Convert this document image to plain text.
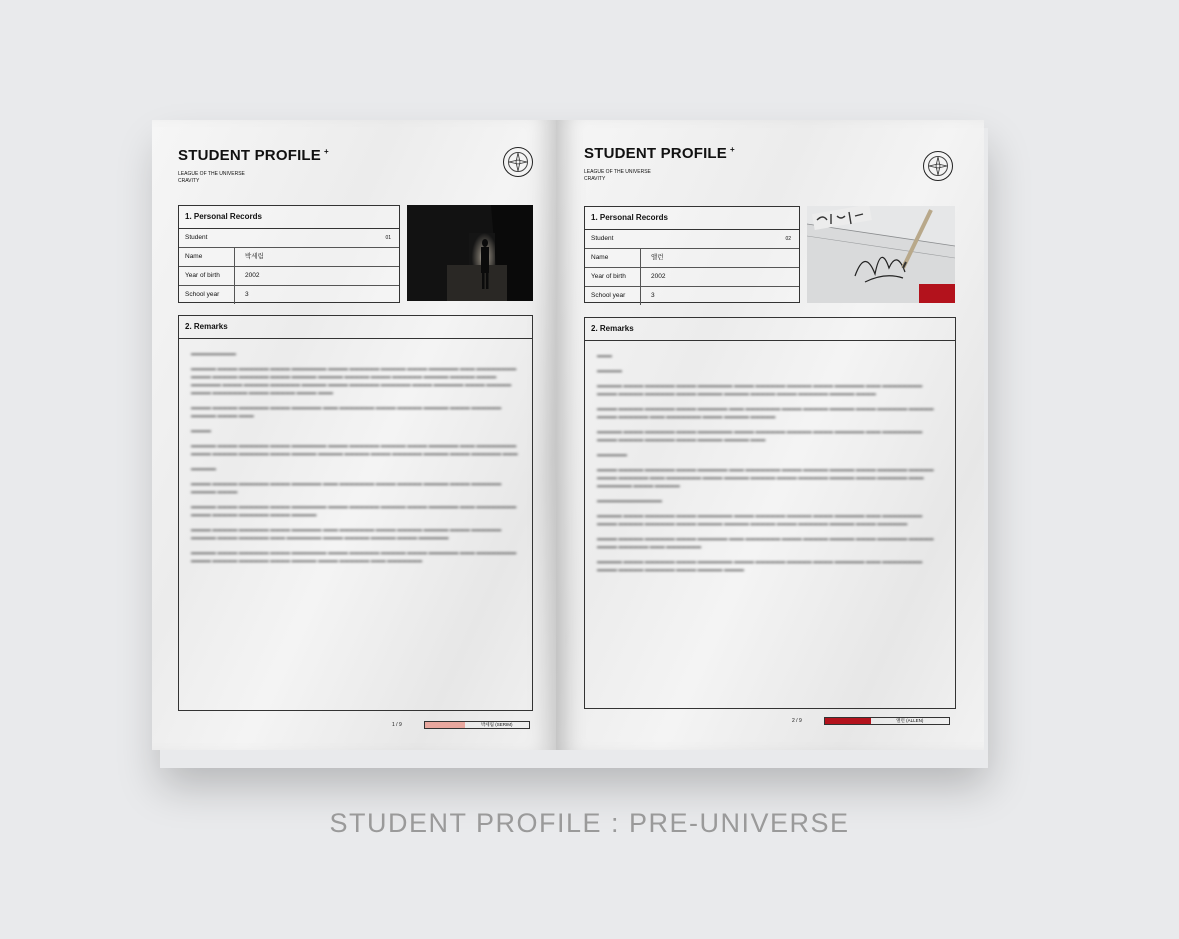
STUDENT PROFILE +
LEAGUE OF THE UNIVERSE
CRAVITY
1. Personal Records
Student	01
Name	박세림
Year of birth	2002
School year	3
2. Remarks

▬▬▬▬▬▬▬▬▬

▬▬▬▬▬ ▬▬▬▬ ▬▬▬▬▬▬ ▬▬▬▬ ▬▬▬▬▬▬▬ ▬▬▬▬ ▬▬▬▬▬▬ ▬▬▬▬▬ ▬▬▬▬ ▬▬▬▬▬▬ ▬▬▬ ▬▬▬▬▬▬▬▬ ▬▬▬▬ ▬▬▬▬▬ ▬▬▬▬▬▬ ▬▬▬▬ ▬▬▬▬▬ ▬▬▬▬▬ ▬▬▬▬▬ ▬▬▬▬ ▬▬▬▬▬▬ ▬▬▬▬▬ ▬▬▬▬▬ ▬▬▬▬ ▬▬▬▬▬▬ ▬▬▬▬ ▬▬▬▬▬ ▬▬▬▬▬▬ ▬▬▬▬▬ ▬▬▬▬ ▬▬▬▬▬▬ ▬▬▬▬▬▬ ▬▬▬▬ ▬▬▬▬▬▬ ▬▬▬▬ ▬▬▬▬▬ ▬▬▬▬ ▬▬▬▬▬▬▬ ▬▬▬▬ ▬▬▬▬▬ ▬▬▬▬ ▬▬▬

▬▬▬▬ ▬▬▬▬▬ ▬▬▬▬▬▬ ▬▬▬▬ ▬▬▬▬▬▬ ▬▬▬ ▬▬▬▬▬▬▬ ▬▬▬▬ ▬▬▬▬▬ ▬▬▬▬▬ ▬▬▬▬ ▬▬▬▬▬▬ ▬▬▬▬▬ ▬▬▬▬ ▬▬▬

▬▬▬▬

▬▬▬▬▬ ▬▬▬▬ ▬▬▬▬▬▬ ▬▬▬▬ ▬▬▬▬▬▬▬ ▬▬▬▬ ▬▬▬▬▬▬ ▬▬▬▬▬ ▬▬▬▬ ▬▬▬▬▬▬ ▬▬▬ ▬▬▬▬▬▬▬▬ ▬▬▬▬ ▬▬▬▬▬ ▬▬▬▬▬▬ ▬▬▬▬ ▬▬▬▬▬ ▬▬▬▬▬ ▬▬▬▬▬ ▬▬▬▬ ▬▬▬▬▬▬ ▬▬▬▬▬ ▬▬▬▬ ▬▬▬▬▬▬ ▬▬▬

▬▬▬▬▬

▬▬▬▬ ▬▬▬▬▬ ▬▬▬▬▬▬ ▬▬▬▬ ▬▬▬▬▬▬ ▬▬▬ ▬▬▬▬▬▬▬ ▬▬▬▬ ▬▬▬▬▬ ▬▬▬▬▬ ▬▬▬▬ ▬▬▬▬▬▬ ▬▬▬▬▬ ▬▬▬▬

▬▬▬▬▬ ▬▬▬▬ ▬▬▬▬▬▬ ▬▬▬▬ ▬▬▬▬▬▬▬ ▬▬▬▬ ▬▬▬▬▬▬ ▬▬▬▬▬ ▬▬▬▬ ▬▬▬▬▬▬ ▬▬▬ ▬▬▬▬▬▬▬▬ ▬▬▬▬ ▬▬▬▬▬ ▬▬▬▬▬▬ ▬▬▬▬ ▬▬▬▬▬

▬▬▬▬ ▬▬▬▬▬ ▬▬▬▬▬▬ ▬▬▬▬ ▬▬▬▬▬▬ ▬▬▬ ▬▬▬▬▬▬▬ ▬▬▬▬ ▬▬▬▬▬ ▬▬▬▬▬ ▬▬▬▬ ▬▬▬▬▬▬ ▬▬▬▬▬ ▬▬▬▬ ▬▬▬▬▬▬ ▬▬▬ ▬▬▬▬▬▬▬ ▬▬▬▬ ▬▬▬▬▬ ▬▬▬▬▬ ▬▬▬▬ ▬▬▬▬▬▬

▬▬▬▬▬ ▬▬▬▬ ▬▬▬▬▬▬ ▬▬▬▬ ▬▬▬▬▬▬▬ ▬▬▬▬ ▬▬▬▬▬▬ ▬▬▬▬▬ ▬▬▬▬ ▬▬▬▬▬▬ ▬▬▬ ▬▬▬▬▬▬▬▬ ▬▬▬▬ ▬▬▬▬▬ ▬▬▬▬▬▬ ▬▬▬▬ ▬▬▬▬▬ ▬▬▬▬ ▬▬▬▬▬▬ ▬▬▬ ▬▬▬▬▬▬▬

1 / 9	박세림 (SERIM)
STUDENT PROFILE +
LEAGUE OF THE UNIVERSE
CRAVITY
1. Personal Records
Student	02
Name	앨런
Year of birth	2002
School year	3
2. Remarks

▬▬▬

▬▬▬▬▬

▬▬▬▬▬ ▬▬▬▬ ▬▬▬▬▬▬ ▬▬▬▬ ▬▬▬▬▬▬▬ ▬▬▬▬ ▬▬▬▬▬▬ ▬▬▬▬▬ ▬▬▬▬ ▬▬▬▬▬▬ ▬▬▬ ▬▬▬▬▬▬▬▬ ▬▬▬▬ ▬▬▬▬▬ ▬▬▬▬▬▬ ▬▬▬▬ ▬▬▬▬▬ ▬▬▬▬▬ ▬▬▬▬▬ ▬▬▬▬ ▬▬▬▬▬▬ ▬▬▬▬▬ ▬▬▬▬

▬▬▬▬ ▬▬▬▬▬ ▬▬▬▬▬▬ ▬▬▬▬ ▬▬▬▬▬▬ ▬▬▬ ▬▬▬▬▬▬▬ ▬▬▬▬ ▬▬▬▬▬ ▬▬▬▬▬ ▬▬▬▬ ▬▬▬▬▬▬ ▬▬▬▬▬ ▬▬▬▬ ▬▬▬▬▬▬ ▬▬▬ ▬▬▬▬▬▬▬ ▬▬▬▬ ▬▬▬▬▬ ▬▬▬▬▬

▬▬▬▬▬ ▬▬▬▬ ▬▬▬▬▬▬ ▬▬▬▬ ▬▬▬▬▬▬▬ ▬▬▬▬ ▬▬▬▬▬▬ ▬▬▬▬▬ ▬▬▬▬ ▬▬▬▬▬▬ ▬▬▬ ▬▬▬▬▬▬▬▬ ▬▬▬▬ ▬▬▬▬▬ ▬▬▬▬▬▬ ▬▬▬▬ ▬▬▬▬▬ ▬▬▬▬▬ ▬▬▬

▬▬▬▬▬▬

▬▬▬▬ ▬▬▬▬▬ ▬▬▬▬▬▬ ▬▬▬▬ ▬▬▬▬▬▬ ▬▬▬ ▬▬▬▬▬▬▬ ▬▬▬▬ ▬▬▬▬▬ ▬▬▬▬▬ ▬▬▬▬ ▬▬▬▬▬▬ ▬▬▬▬▬ ▬▬▬▬ ▬▬▬▬▬▬ ▬▬▬ ▬▬▬▬▬▬▬ ▬▬▬▬ ▬▬▬▬▬ ▬▬▬▬▬ ▬▬▬▬ ▬▬▬▬▬▬ ▬▬▬▬▬ ▬▬▬▬ ▬▬▬▬▬▬ ▬▬▬ ▬▬▬▬▬▬▬ ▬▬▬▬ ▬▬▬▬▬

▬▬▬▬▬▬▬▬▬▬▬▬▬

▬▬▬▬▬ ▬▬▬▬ ▬▬▬▬▬▬ ▬▬▬▬ ▬▬▬▬▬▬▬ ▬▬▬▬ ▬▬▬▬▬▬ ▬▬▬▬▬ ▬▬▬▬ ▬▬▬▬▬▬ ▬▬▬ ▬▬▬▬▬▬▬▬ ▬▬▬▬ ▬▬▬▬▬ ▬▬▬▬▬▬ ▬▬▬▬ ▬▬▬▬▬ ▬▬▬▬▬ ▬▬▬▬▬ ▬▬▬▬ ▬▬▬▬▬▬ ▬▬▬▬▬ ▬▬▬▬ ▬▬▬▬▬▬

▬▬▬▬ ▬▬▬▬▬ ▬▬▬▬▬▬ ▬▬▬▬ ▬▬▬▬▬▬ ▬▬▬ ▬▬▬▬▬▬▬ ▬▬▬▬ ▬▬▬▬▬ ▬▬▬▬▬ ▬▬▬▬ ▬▬▬▬▬▬ ▬▬▬▬▬ ▬▬▬▬ ▬▬▬▬▬▬ ▬▬▬ ▬▬▬▬▬▬▬

▬▬▬▬▬ ▬▬▬▬ ▬▬▬▬▬▬ ▬▬▬▬ ▬▬▬▬▬▬▬ ▬▬▬▬ ▬▬▬▬▬▬ ▬▬▬▬▬ ▬▬▬▬ ▬▬▬▬▬▬ ▬▬▬ ▬▬▬▬▬▬▬▬ ▬▬▬▬ ▬▬▬▬▬ ▬▬▬▬▬▬ ▬▬▬▬ ▬▬▬▬▬ ▬▬▬▬

2 / 9	앨런 (ALLEN)
STUDENT PROFILE : PRE-UNIVERSE
